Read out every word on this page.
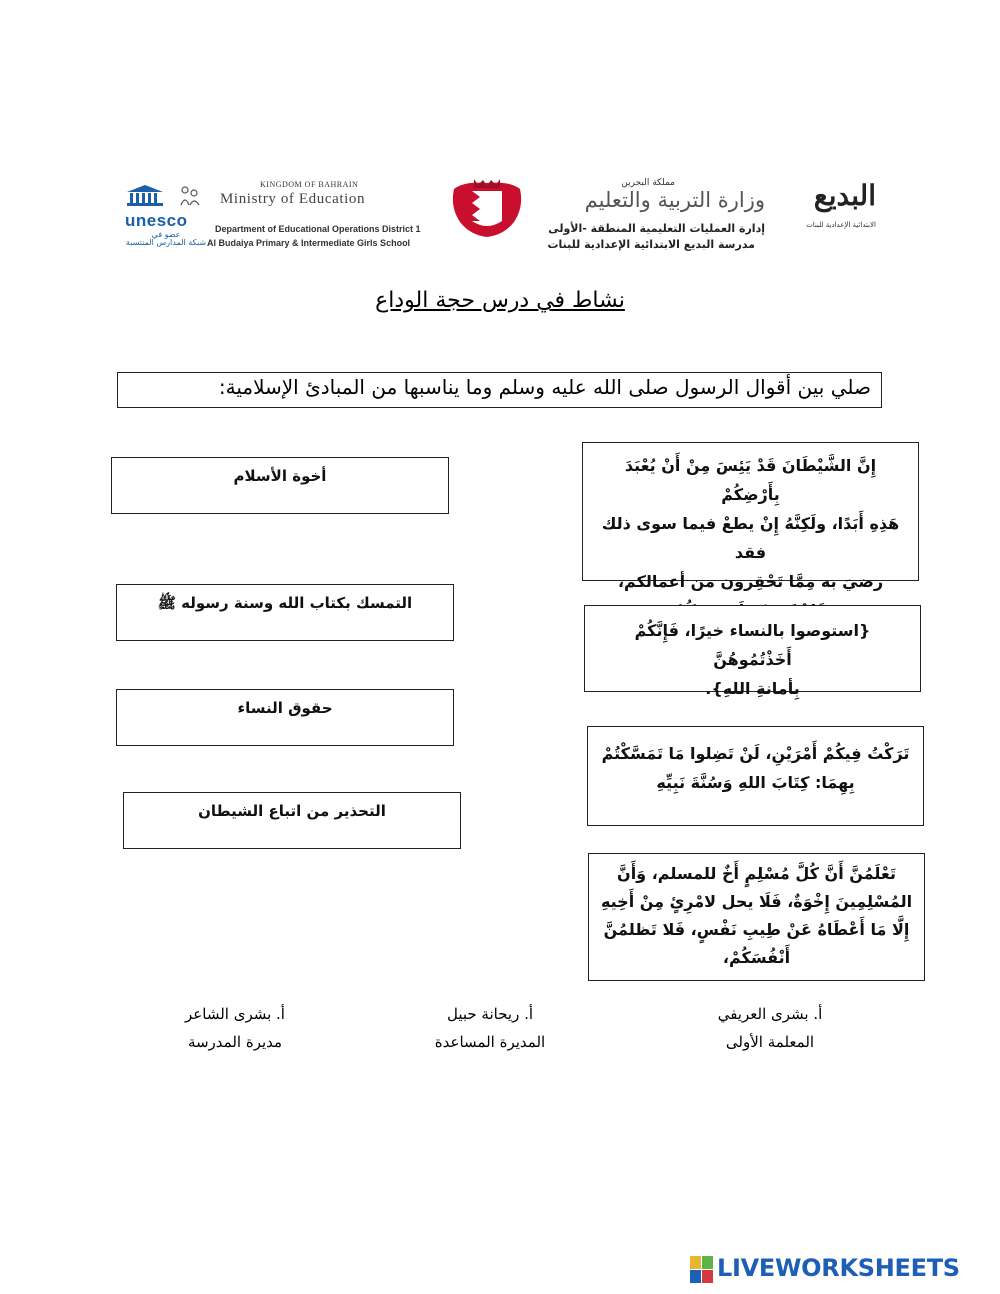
unesco
عضو في
شبكة المدارس المنتسبة
KINGDOM OF BAHRAIN
Ministry of Education
Department of Educational Operations District 1
Al Budaiya Primary & Intermediate Girls School
مملكة البحرين
وزارة التربية والتعليم
إدارة العمليات التعليمية المنطقة -الأولى
مدرسة البديع الابتدائية الإعدادية للبنات
البديع
الابتدائية الإعدادية للبنات
نشاط في درس حجة الوداع
صلي بين أقوال الرسول صلى الله عليه وسلم وما يناسبها من المبادئ الإسلامية:
إِنَّ الشَّيْطَانَ قَدْ يَئِسَ مِنْ أَنْ يُعْبَدَ بِأَرْضِكُمْ
هَذِهِ أَبَدًا، ولَكِنَّهُ إِنْ يطعْ فيما سوى ذلك فقد
رضيَ به مِمَّا تَحْقِرون من أعمالكم،
{استوصوا بالنساء خيرًا، فَإِنَّكُمْ أَخَذْتُمُوهُنَّ
بِأمانةِ اللهِ}.
تَرَكْتُ فِيكُمْ أَمْرَيْنِ، لَنْ تَضِلوا مَا تَمَسَّكْتُمْ
بِهِمَا: كِتَابَ اللهِ وَسُنَّةَ نَبِيِّهِ
تَعْلَمُنَّ أَنَّ كُلَّ مُسْلِمٍ أَخٌ للمسلم، وَأَنَّ
المُسْلِمِينَ إِخْوَةٌ، فَلَا يحل لامْرِئٍ مِنْ أَخِيهِ
إِلَّا مَا أَعْطَاهُ عَنْ طِيبِ نَفْسٍ، فَلا تَظلمُنَّ
أَنْفُسَكُمْ،
أخوة الأسلام
التمسك بكتاب الله وسنة رسوله ﷺ
حقوق النساء
التحذير من اتباع الشيطان
أ. بشرى العريفي
المعلمة الأولى
أ. ريحانة حبيل
المديرة المساعدة
أ. بشرى الشاعر
مديرة المدرسة
LIVEWORKSHEETS
